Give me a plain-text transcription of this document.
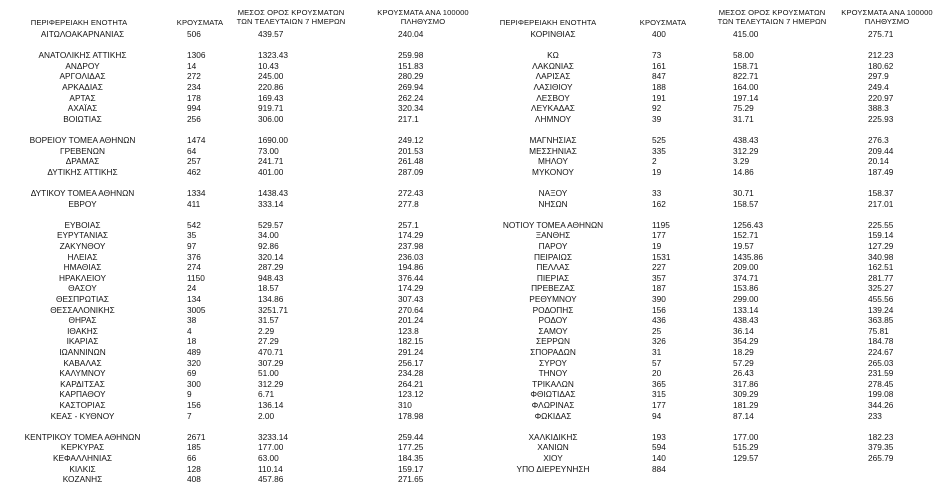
ΠΕΡΙΦΕΡΕΙΑΚΗ ΕΝΟΤΗΤΑ	ΚΡΟΥΣΜΑΤΑ
ΜΕΣΟΣ ΟΡΟΣ ΚΡΟΥΣΜΑΤΩΝ
ΤΩΝ ΤΕΛΕΥΤΑΙΩΝ 7 ΗΜΕΡΩΝ
ΚΡΟΥΣΜΑΤΑ ΑΝΑ 100000
ΠΛΗΘΥΣΜΟ	ΠΕΡΙΦΕΡΕΙΑΚΗ ΕΝΟΤΗΤΑ	ΚΡΟΥΣΜΑΤΑ
ΜΕΣΟΣ ΟΡΟΣ ΚΡΟΥΣΜΑΤΩΝ
ΤΩΝ ΤΕΛΕΥΤΑΙΩΝ 7 ΗΜΕΡΩΝ
ΚΡΟΥΣΜΑΤΑ ΑΝΑ 100000
ΠΛΗΘΥΣΜΟ
ΑΙΤΩΛΟΑΚΑΡΝΑΝΙΑΣ	506	439.57	240.04
ΑΝΑΤΟΛΙΚΗΣ ΑΤΤΙΚΗΣ	1306	1323.43	259.98
ΑΝΔΡΟΥ	14	10.43	151.83
ΑΡΓΟΛΙΔΑΣ	272	245.00	280.29
ΑΡΚΑΔΙΑΣ	234	220.86	269.94
ΑΡΤΑΣ	178	169.43	262.24
ΑΧΑΪΑΣ	994	919.71	320.34
ΒΟΙΩΤΙΑΣ	256	306.00	217.1
ΒΟΡΕΙΟΥ ΤΟΜΕΑ ΑΘΗΝΩΝ	1474	1690.00	249.12
ΓΡΕΒΕΝΩΝ	64	73.00	201.53
ΔΡΑΜΑΣ	257	241.71	261.48
ΔΥΤΙΚΗΣ ΑΤΤΙΚΗΣ	462	401.00	287.09
ΔΥΤΙΚΟΥ ΤΟΜΕΑ ΑΘΗΝΩΝ	1334	1438.43	272.43
ΕΒΡΟΥ	411	333.14	277.8
ΕΥΒΟΙΑΣ	542	529.57	257.1
ΕΥΡΥΤΑΝΙΑΣ	35	34.00	174.29
ΖΑΚΥΝΘΟΥ	97	92.86	237.98
ΗΛΕΙΑΣ	376	320.14	236.03
ΗΜΑΘΙΑΣ	274	287.29	194.86
ΗΡΑΚΛΕΙΟΥ	1150	948.43	376.44
ΘΑΣΟΥ	24	18.57	174.29
ΘΕΣΠΡΩΤΙΑΣ	134	134.86	307.43
ΘΕΣΣΑΛΟΝΙΚΗΣ	3005	3251.71	270.64
ΘΗΡΑΣ	38	31.57	201.24
ΙΘΑΚΗΣ	4	2.29	123.8
ΙΚΑΡΙΑΣ	18	27.29	182.15
ΙΩΑΝΝΙΝΩΝ	489	470.71	291.24
ΚΑΒΑΛΑΣ	320	307.29	256.17
ΚΑΛΥΜΝΟΥ	69	51.00	234.28
ΚΑΡΔΙΤΣΑΣ	300	312.29	264.21
ΚΑΡΠΑΘΟΥ	9	6.71	123.12
ΚΑΣΤΟΡΙΑΣ	156	136.14	310
ΚΕΑΣ - ΚΥΘΝΟΥ	7	2.00	178.98
ΚΕΝΤΡΙΚΟΥ ΤΟΜΕΑ ΑΘΗΝΩΝ	2671	3233.14	259.44
ΚΕΡΚΥΡΑΣ	185	177.00	177.25
ΚΕΦΑΛΛΗΝΙΑΣ	66	63.00	184.35
ΚΙΛΚΙΣ	128	110.14	159.17
ΚΟΖΑΝΗΣ	408	457.86	271.65
ΚΟΡΙΝΘΙΑΣ	400	415.00	275.71
ΚΩ	73	58.00	212.23
ΛΑΚΩΝΙΑΣ	161	158.71	180.62
ΛΑΡΙΣΑΣ	847	822.71	297.9
ΛΑΣΙΘΙΟΥ	188	164.00	249.4
ΛΕΣΒΟΥ	191	197.14	220.97
ΛΕΥΚΑΔΑΣ	92	75.29	388.3
ΛΗΜΝΟΥ	39	31.71	225.93
ΜΑΓΝΗΣΙΑΣ	525	438.43	276.3
ΜΕΣΣΗΝΙΑΣ	335	312.29	209.44
ΜΗΛΟΥ	2	3.29	20.14
ΜΥΚΟΝΟΥ	19	14.86	187.49
ΝΑΞΟΥ	33	30.71	158.37
ΝΗΣΩΝ	162	158.57	217.01
ΝΟΤΙΟΥ ΤΟΜΕΑ ΑΘΗΝΩΝ	1195	1256.43	225.55
ΞΑΝΘΗΣ	177	152.71	159.14
ΠΑΡΟΥ	19	19.57	127.29
ΠΕΙΡΑΙΩΣ	1531	1435.86	340.98
ΠΕΛΛΑΣ	227	209.00	162.51
ΠΙΕΡΙΑΣ	357	374.71	281.77
ΠΡΕΒΕΖΑΣ	187	153.86	325.27
ΡΕΘΥΜΝΟΥ	390	299.00	455.56
ΡΟΔΟΠΗΣ	156	133.14	139.24
ΡΟΔΟΥ	436	438.43	363.85
ΣΑΜΟΥ	25	36.14	75.81
ΣΕΡΡΩΝ	326	354.29	184.78
ΣΠΟΡΑΔΩΝ	31	18.29	224.67
ΣΥΡΟΥ	57	57.29	265.03
ΤΗΝΟΥ	20	26.43	231.59
ΤΡΙΚΑΛΩΝ	365	317.86	278.45
ΦΘΙΩΤΙΔΑΣ	315	309.29	199.08
ΦΛΩΡΙΝΑΣ	177	181.29	344.26
ΦΩΚΙΔΑΣ	94	87.14	233
ΧΑΛΚΙΔΙΚΗΣ	193	177.00	182.23
ΧΑΝΙΩΝ	594	515.29	379.35
ΧΙΟΥ	140	129.57	265.79
ΥΠΟ ΔΙΕΡΕΥΝΗΣΗ	884
